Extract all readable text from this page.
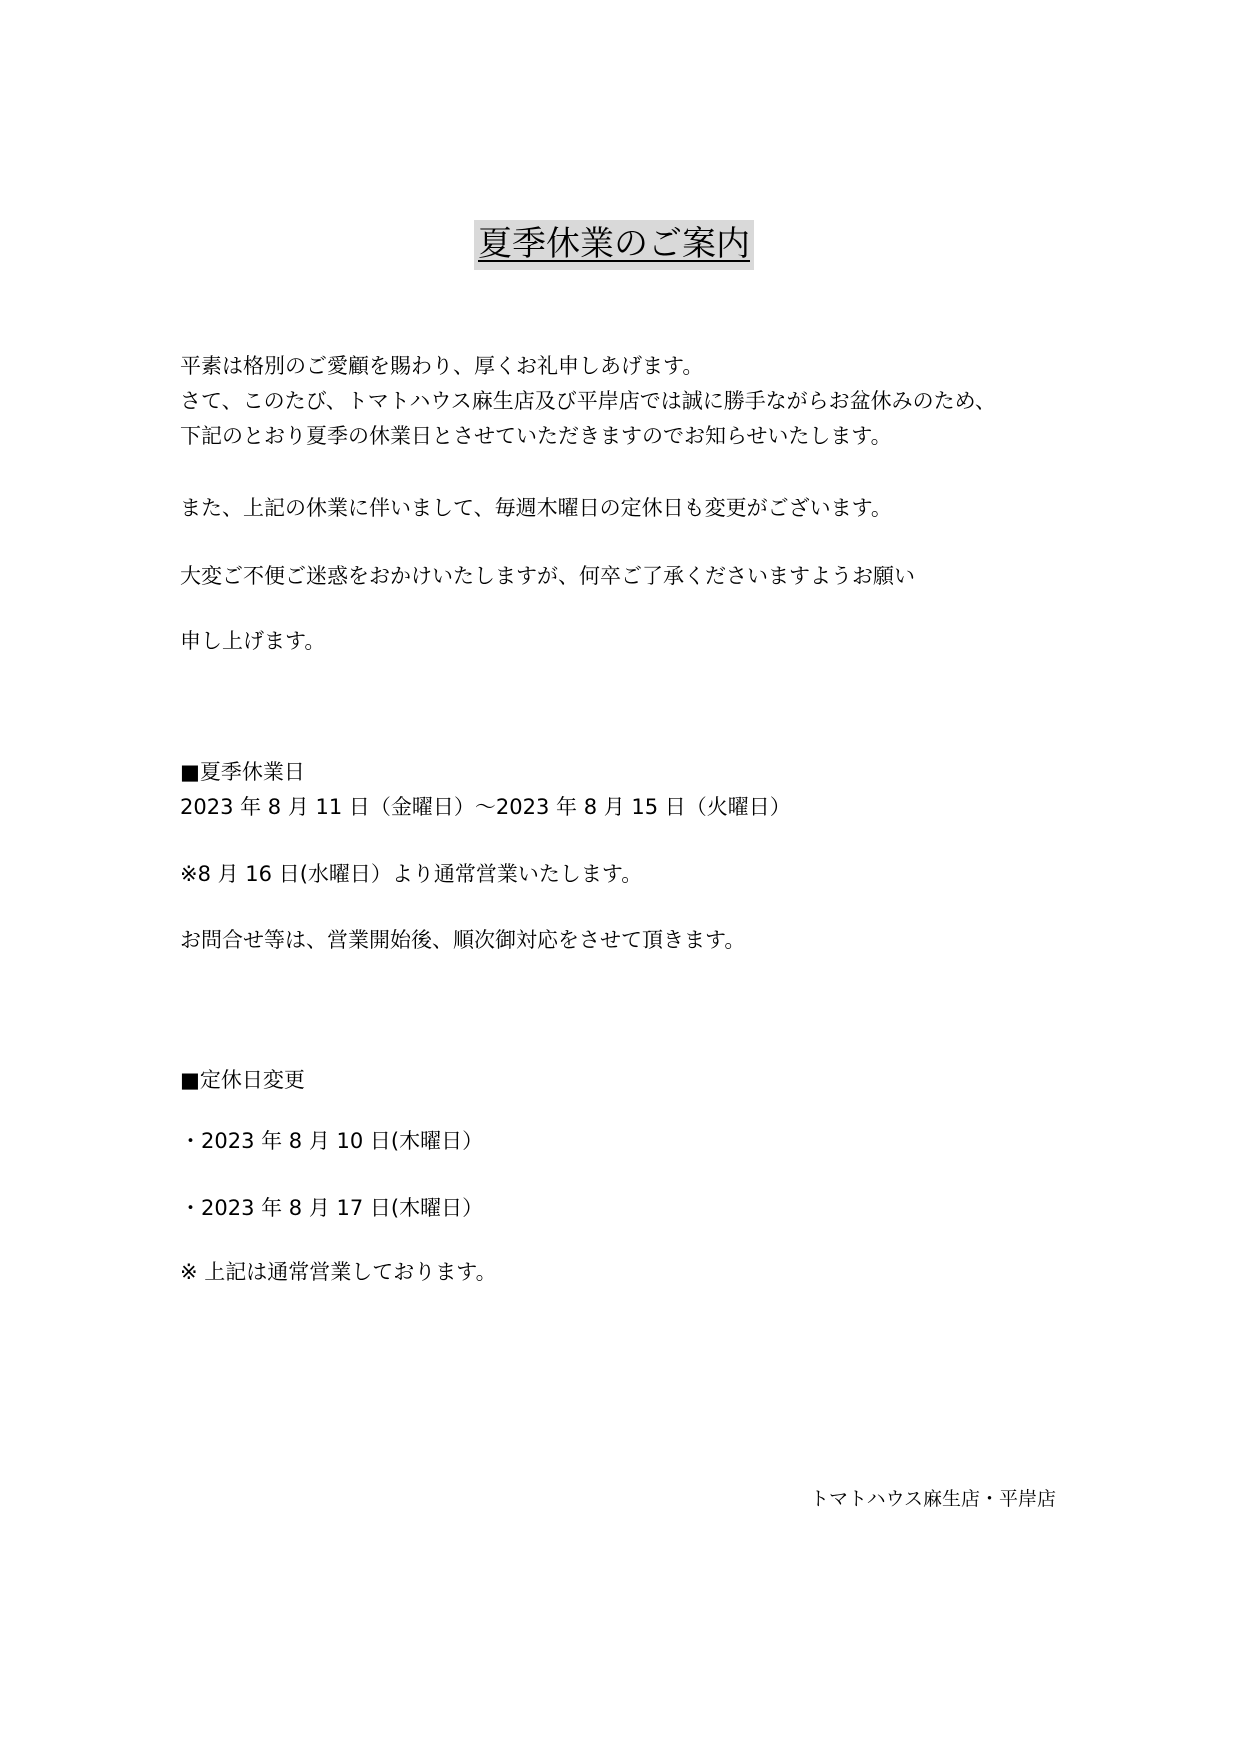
夏季休業のご案内
平素は格別のご愛顧を賜わり、厚くお礼申しあげます。
さて、このたび、トマトハウス麻生店及び平岸店では誠に勝手ながらお盆休みのため、
下記のとおり夏季の休業日とさせていただきますのでお知らせいたします。
また、上記の休業に伴いまして、毎週木曜日の定休日も変更がございます。
大変ご不便ご迷惑をおかけいたしますが、何卒ご了承くださいますようお願い
申し上げます。
■夏季休業日
2023 年 8 月 11 日（金曜日）～2023 年 8 月 15 日（火曜日）
※8 月 16 日(水曜日）より通常営業いたします。
お問合せ等は、営業開始後、順次御対応をさせて頂きます。
■定休日変更
・2023 年 8 月 10 日(木曜日）
・2023 年 8 月 17 日(木曜日）
※ 上記は通常営業しております。
トマトハウス麻生店・平岸店
